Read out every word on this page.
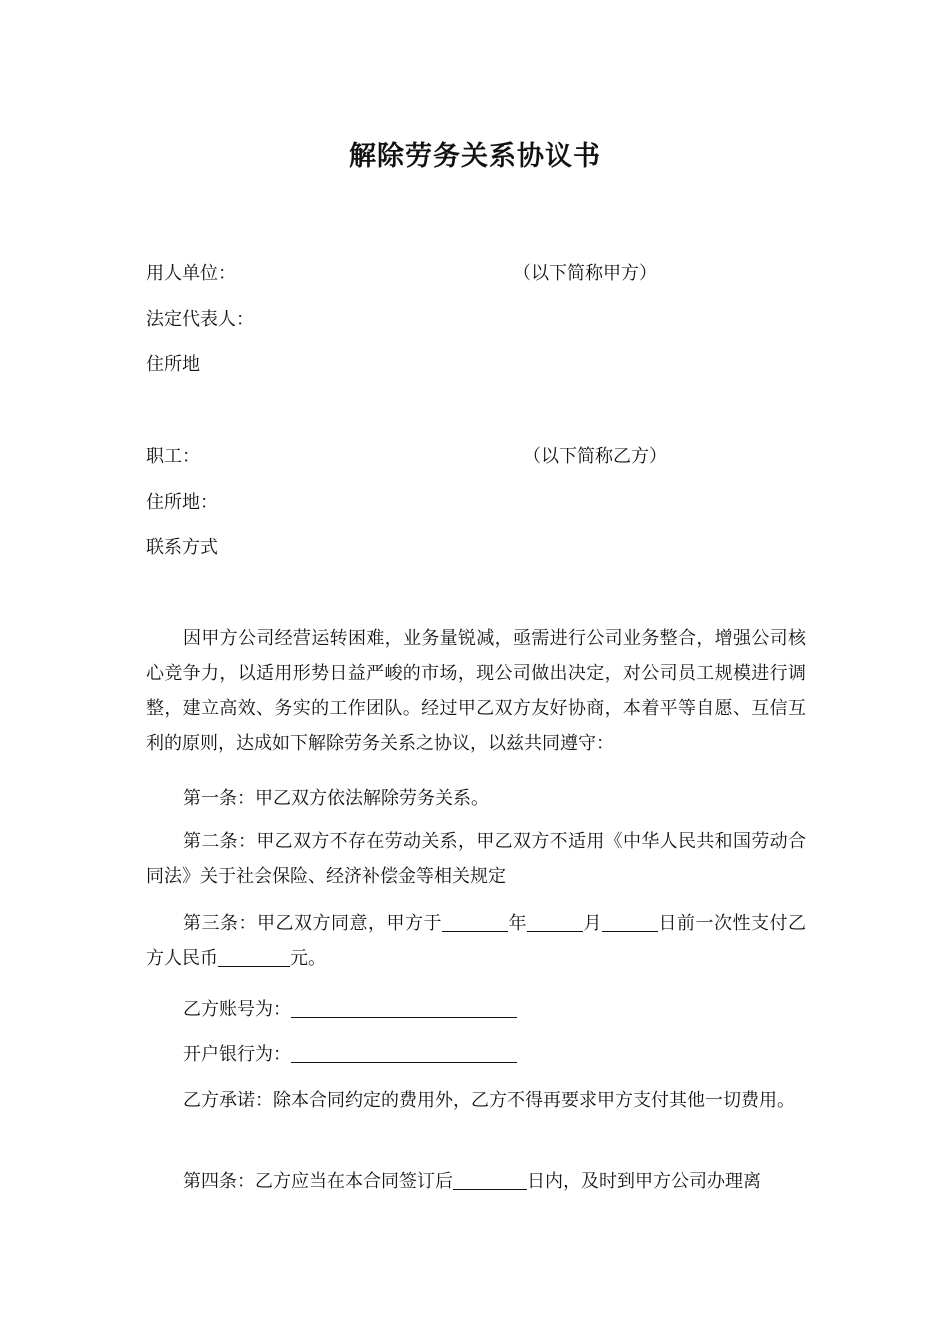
解除劳务关系协议书
用人单位：	（以下简称甲方）
法定代表人：
住所地
职工：	（以下简称乙方）
住所地：
联系方式
因甲方公司经营运转困难，业务量锐减，亟需进行公司业务整合，增强公司核心竞争力，以适用形势日益严峻的市场，现公司做出决定，对公司员工规模进行调整，建立高效、务实的工作团队。经过甲乙双方友好协商，本着平等自愿、互信互利的原则，达成如下解除劳务关系之协议，以兹共同遵守：
第一条：甲乙双方依法解除劳务关系。
第二条：甲乙双方不存在劳动关系，甲乙双方不适用《中华人民共和国劳动合同法》关于社会保险、经济补偿金等相关规定
第三条：甲乙双方同意，甲方于	年	月	日前一次性支付乙方人民币	元。
乙方账号为：
开户银行为：
乙方承诺：除本合同约定的费用外，乙方不得再要求甲方支付其他一切费用。
第四条：乙方应当在本合同签订后	日内，及时到甲方公司办理离
